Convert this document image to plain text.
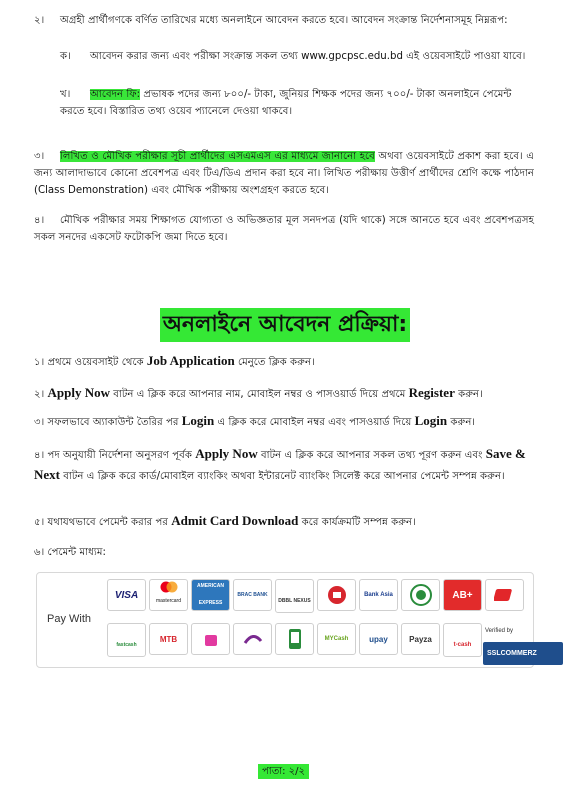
২। অগ্রহী প্রার্থীগণকে বর্ণিত তারিখের মধ্যে অনলাইনে আবেদন করতে হবে। আবেদন সংক্রান্ত নির্দেশনাসমূহ নিম্নরূপ:
ক। আবেদন করার জন্য এবং পরীক্ষা সংক্রান্ত সকল তথ্য www.gpcpsc.edu.bd এই ওয়েবসাইটে পাওয়া যাবে।
খ। আবেদন ফি: প্রভাষক পদের জন্য ৮০০/- টাকা, জুনিয়র শিক্ষক পদের জন্য ৭০০/- টাকা অনলাইনে পেমেন্ট করতে হবে। বিস্তারিত তথ্য ওয়েব প্যানেলে দেওয়া থাকবে।
৩। লিখিত ও মৌখিক পরীক্ষার সূচী প্রার্থীদের এসএমএস এর মাধ্যমে জানানো হবে অথবা ওয়েবসাইটে প্রকাশ করা হবে। এ জন্য আলাদাভাবে কোনো প্রবেশপত্র এবং টিএ/ডিএ প্রদান করা হবে না। লিখিত পরীক্ষায় উত্তীর্ণ প্রার্থীদের শ্রেণি কক্ষে পাঠদান (Class Demonstration) এবং মৌখিক পরীক্ষায় অংশগ্রহণ করতে হবে।
৪। মৌখিক পরীক্ষার সময় শিক্ষাগত যোগ্যতা ও অভিজ্ঞতার মূল সনদপত্র (যদি থাকে) সঙ্গে আনতে হবে এবং প্রবেশপত্রসহ সকল সনদের একসেট ফটোকপি জমা দিতে হবে।
অনলাইনে আবেদন প্রক্রিয়া:
১। প্রথমে ওয়েবসাইট থেকে Job Application মেনুতে ক্লিক করুন।
২। Apply Now বাটন এ ক্লিক করে আপনার নাম, মোবাইল নম্বর ও পাসওয়ার্ড দিয়ে প্রথমে Register করুন।
৩। সফলভাবে অ্যাকাউন্ট তৈরির পর Login এ ক্লিক করে মোবাইল নম্বর এবং পাসওয়ার্ড দিয়ে Login করুন।
৪। পদ অনুযায়ী নির্দেশনা অনুসরণ পূর্বক Apply Now বাটন এ ক্লিক করে আপনার সকল তথ্য পূরণ করুন এবং Save & Next বাটন এ ক্লিক করে কার্ড/মোবাইল ব্যাংকিং অথবা ইন্টারনেট ব্যাংকিং সিলেক্ট করে আপনার পেমেন্ট সম্পন্ন করুন।
৫। যথাযথভাবে পেমেন্ট করার পর Admit Card Download করে কার্যক্রমটি সম্পন্ন করুন।
৬। পেমেন্ট মাধ্যম:
Pay With
VISA	mastercard
AMERICAN EXPRESS
BRAC BANK
DBBL NEXUS
Bank Asia	AB+
fastcash
MTB	MYCash	upay	Payza
t-cash
Verified by
SSLCOMMERZ
পাতা: ২/২
